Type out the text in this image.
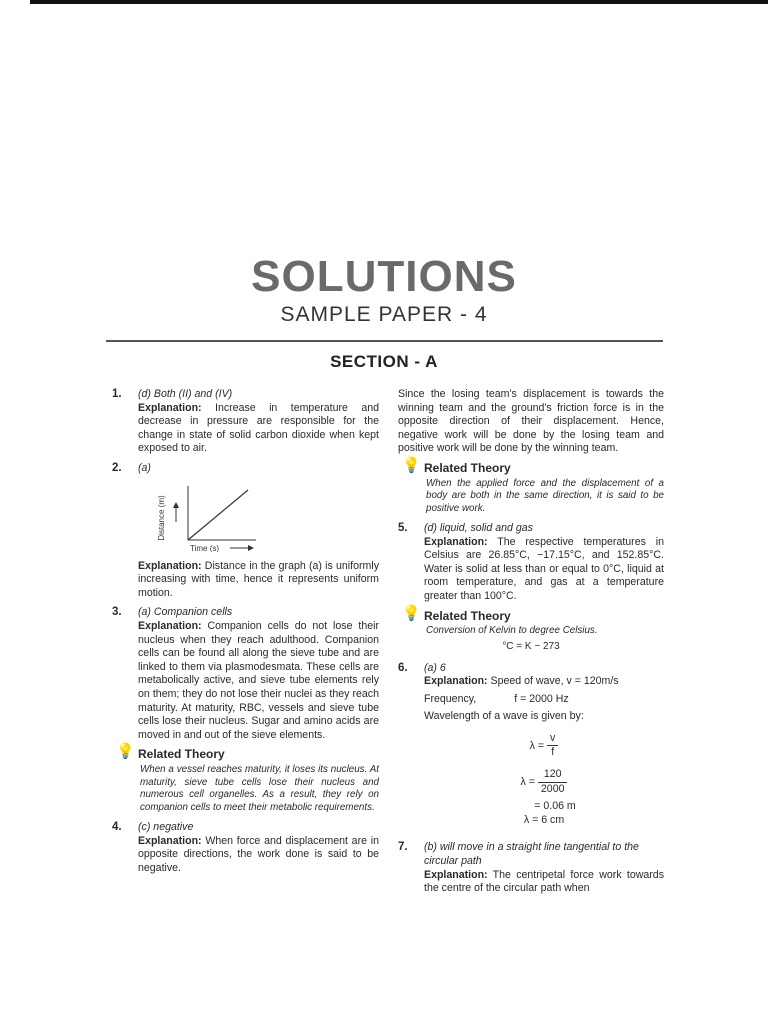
SOLUTIONS
SAMPLE PAPER - 4
SECTION - A
1. (d) Both (II) and (IV)
Explanation: Increase in temperature and decrease in pressure are responsible for the change in state of solid carbon dioxide when kept exposed to air.
2. (a)
Distance (m)
Time (s)
Explanation: Distance in the graph (a) is uniformly increasing with time, hence it represents uniform motion.
3. (a) Companion cells
Explanation: Companion cells do not lose their nucleus when they reach adulthood. Companion cells can be found all along the sieve tube and are linked to them via plasmodesmata. These cells are metabolically active, and sieve tube elements rely on them; they do not lose their nuclei as they reach maturity. At maturity, RBC, vessels and sieve tube cells lose their nucleus. Sugar and amino acids are moved in and out of the sieve elements.
💡 Related Theory
When a vessel reaches maturity, it loses its nucleus. At maturity, sieve tube cells lose their nucleus and numerous cell organelles. As a result, they rely on companion cells to meet their metabolic requirements.
4. (c) negative
Explanation: When force and displacement are in opposite directions, the work done is said to be negative.
Since the losing team's displacement is towards the winning team and the ground's friction force is in the opposite direction of their displacement. Hence, negative work will be done by the losing team and positive work will be done by the winning team.
💡 Related Theory
When the applied force and the displacement of a body are both in the same direction, it is said to be positive work.
5. (d) liquid, solid and gas
Explanation: The respective temperatures in Celsius are 26.85°C, −17.15°C, and 152.85°C. Water is solid at less than or equal to 0°C, liquid at room temperature, and gas at a temperature greater than 100°C.
💡 Related Theory
Conversion of Kelvin to degree Celsius.
°C = K − 273
6. (a) 6
Explanation: Speed of wave, v = 120m/s
Frequency,	f = 2000 Hz
Wavelength of a wave is given by:
$\lambda = \frac{v}{f}$
$\lambda = \frac{120}{2000}$
= 0.06 m
λ = 6 cm
7. (b) will move in a straight line tangential to the circular path
Explanation: The centripetal force work towards the centre of the circular path when
